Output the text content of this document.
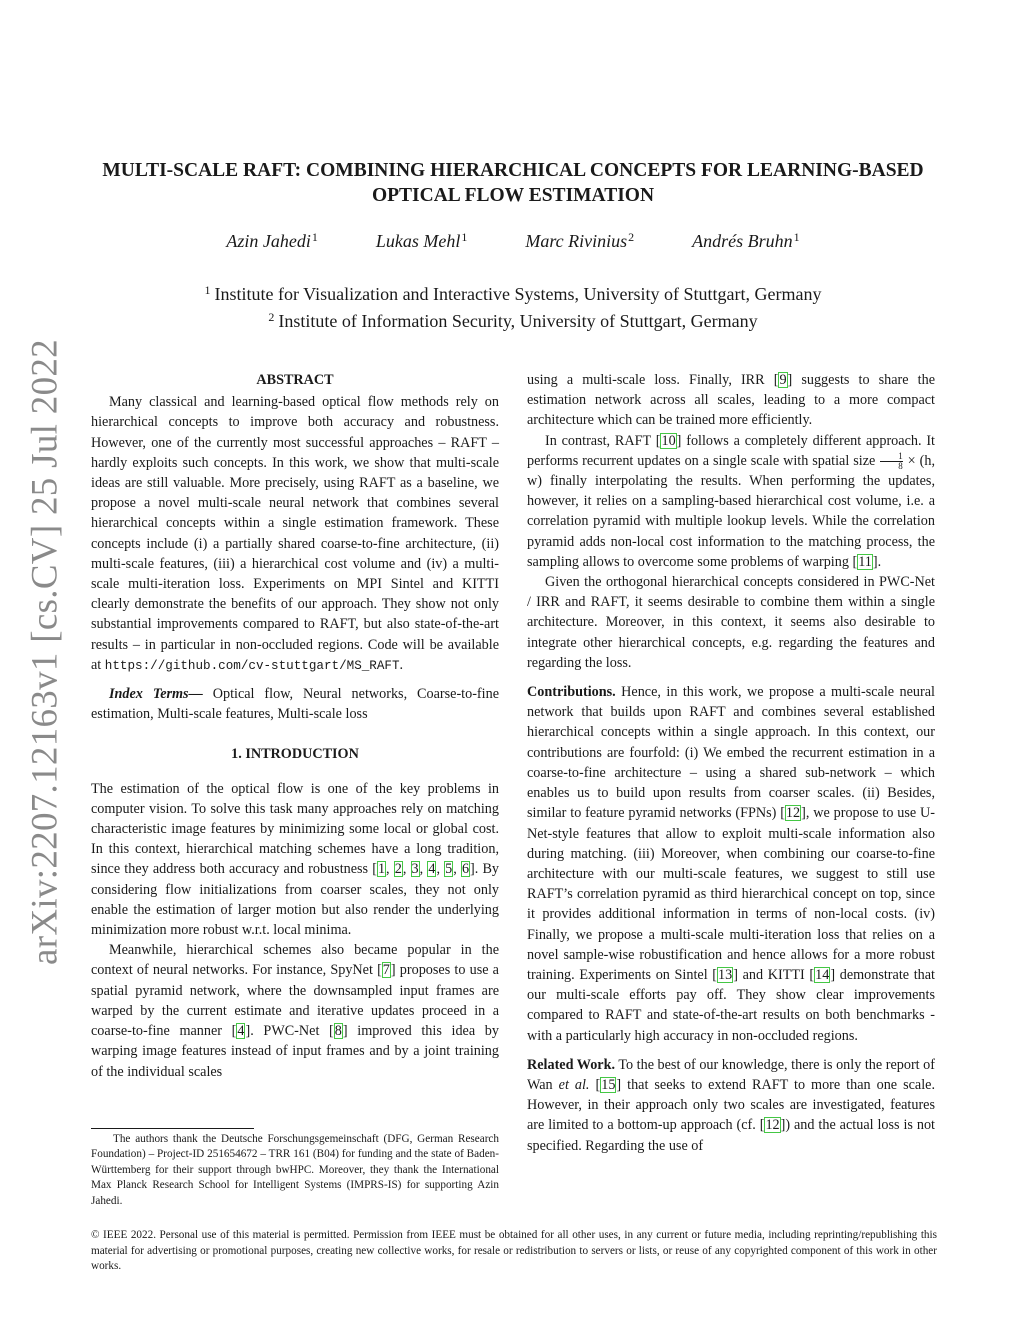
arXiv:2207.12163v1 [cs.CV] 25 Jul 2022
MULTI-SCALE RAFT: COMBINING HIERARCHICAL CONCEPTS FOR LEARNING-BASED
OPTICAL FLOW ESTIMATION
Azin Jahedi$^1$	Lukas Mehl$^1$	Marc Rivinius$^2$	Andrés Bruhn$^1$
$^1$ Institute for Visualization and Interactive Systems, University of Stuttgart, Germany
$^2$ Institute of Information Security, University of Stuttgart, Germany
ABSTRACT

Many classical and learning-based optical flow methods rely on hierarchical concepts to improve both accuracy and robustness. However, one of the currently most successful approaches – RAFT – hardly exploits such concepts. In this work, we show that multi-scale ideas are still valuable. More precisely, using RAFT as a baseline, we propose a novel multi-scale neural network that combines several hierarchical concepts within a single estimation framework. These concepts include (i) a partially shared coarse-to-fine architecture, (ii) multi-scale features, (iii) a hierarchical cost volume and (iv) a multi-scale multi-iteration loss. Experiments on MPI Sintel and KITTI clearly demonstrate the benefits of our approach. They show not only substantial improvements compared to RAFT, but also state-of-the-art results – in particular in non-occluded regions. Code will be available at https://github.com/cv-stuttgart/MS_RAFT.

Index Terms— Optical flow, Neural networks, Coarse-to-fine estimation, Multi-scale features, Multi-scale loss

1. INTRODUCTION

The estimation of the optical flow is one of the key problems in computer vision. To solve this task many approaches rely on matching characteristic image features by minimizing some local or global cost. In this context, hierarchical matching schemes have a long tradition, since they address both accuracy and robustness [1, 2, 3, 4, 5, 6]. By considering flow initializations from coarser scales, they not only enable the estimation of larger motion but also render the underlying minimization more robust w.r.t. local minima.

Meanwhile, hierarchical schemes also became popular in the context of neural networks. For instance, SpyNet [7] proposes to use a spatial pyramid network, where the downsampled input frames are warped by the current estimate and iterative updates proceed in a coarse-to-fine manner [4]. PWC-Net [8] improved this idea by warping image features instead of input frames and by a joint training of the individual scales

The authors thank the Deutsche Forschungsgemeinschaft (DFG, German Research Foundation) – Project-ID 251654672 – TRR 161 (B04) for funding and the state of Baden-Württemberg for their support through bwHPC. Moreover, they thank the International Max Planck Research School for Intelligent Systems (IMPRS-IS) for supporting Azin Jahedi.

using a multi-scale loss. Finally, IRR [9] suggests to share the estimation network across all scales, leading to a more compact architecture which can be trained more efficiently.

In contrast, RAFT [10] follows a completely different approach. It performs recurrent updates on a single scale with spatial size $\frac{1}{8} \times (h$, w) finally interpolating the results. When performing the updates, however, it relies on a sampling-based hierarchical cost volume, i.e. a correlation pyramid with multiple lookup levels. While the correlation pyramid adds non-local cost information to the matching process, the sampling allows to overcome some problems of warping [11].

Given the orthogonal hierarchical concepts considered in PWC-Net / IRR and RAFT, it seems desirable to combine them within a single architecture. Moreover, in this context, it seems also desirable to integrate other hierarchical concepts, e.g. regarding the features and regarding the loss.

Contributions. Hence, in this work, we propose a multi-scale neural network that builds upon RAFT and combines several established hierarchical concepts within a single approach. In this context, our contributions are fourfold: (i) We embed the recurrent estimation in a coarse-to-fine architecture – using a shared sub-network – which enables us to build upon results from coarser scales. (ii) Besides, similar to feature pyramid networks (FPNs) [12], we propose to use U-Net-style features that allow to exploit multi-scale information also during matching. (iii) Moreover, when combining our coarse-to-fine architecture with our multi-scale features, we suggest to still use RAFT’s correlation pyramid as third hierarchical concept on top, since it provides additional information in terms of non-local costs. (iv) Finally, we propose a multi-scale multi-iteration loss that relies on a novel sample-wise robustification and hence allows for a more robust training. Experiments on Sintel [13] and KITTI [14] demonstrate that our multi-scale efforts pay off. They show clear improvements compared to RAFT and state-of-the-art results on both benchmarks - with a particularly high accuracy in non-occluded regions.

Related Work. To the best of our knowledge, there is only the report of Wan et al. [15] that seeks to extend RAFT to more than one scale. However, in their approach only two scales are investigated, features are limited to a bottom-up approach (cf. [12]) and the actual loss is not specified. Regarding the use of

© IEEE 2022. Personal use of this material is permitted. Permission from IEEE must be obtained for all other uses, in any current or future media, including reprinting/republishing this material for advertising or promotional purposes, creating new collective works, for resale or redistribution to servers or lists, or reuse of any copyrighted component of this work in other works.
